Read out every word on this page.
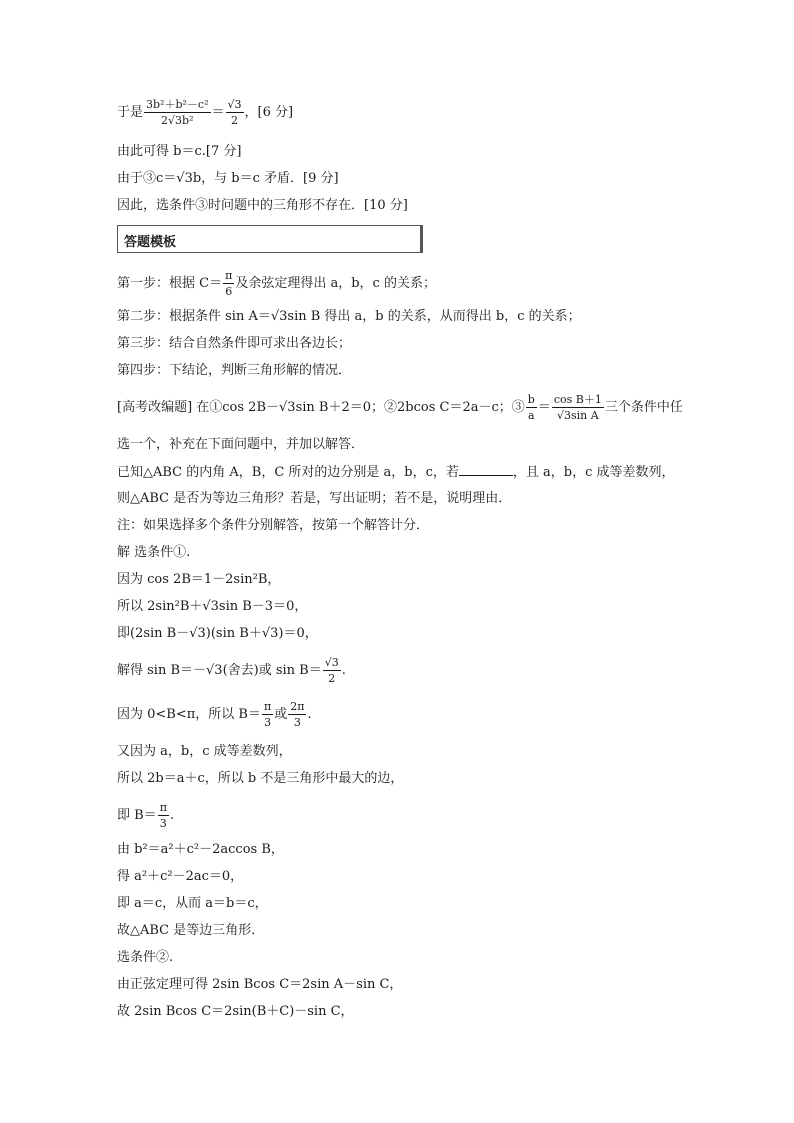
于是 $\frac{\text{3b²＋b²－c²}}{\text{2√3b²}} = \frac{√3}{2}$ ，[6 分]
由此可得 b＝c.[7 分]
由于③c＝√3b，与 b＝c 矛盾．[9 分]
因此，选条件③时问题中的三角形不存在．[10 分]
答题模板
第一步：根据 $C= \frac{\pi}{6}$ 及余弦定理得出 a，b，c 的关系；
第二步：根据条件 sin A＝√3sin B 得出 a，b 的关系，从而得出 b，c 的关系；
第三步：结合自然条件即可求出各边长；
第四步：下结论，判断三角形解的情况．
[高考改编题] 在①cos 2B－√3sin B＋2＝0；②2bcos C＝2a－c；③ $\frac{b}{a} = \frac{\text{cos B＋1}}{\text{√3sin A}}$ 三个条件中任
选一个，补充在下面问题中，并加以解答．
已知△ABC 的内角 A，B，C 所对的边分别是 a，b，c，若	，且 a，b，c 成等差数列，
则△ABC 是否为等边三角形？若是，写出证明；若不是，说明理由．
注：如果选择多个条件分别解答，按第一个解答计分．
解 选条件①.
因为 cos 2B＝1－2sin²B，
所以 2sin²B＋√3sin B－3＝0，
即(2sin B－√3)(sin B＋√3)＝0，
解得 sin B＝－√3(舍去)或 $\sin B= \frac{√3}{2}$ .
因为 0<B<π，所以 $B= \frac{\pi}{3}$ 或 $\frac{2\pi}{3}$ .
又因为 a，b，c 成等差数列，
所以 2b＝a＋c，所以 b 不是三角形中最大的边，
即 $B= \frac{\pi}{3}$ .
由 b²＝a²＋c²－2accos B，
得 a²＋c²－2ac＝0，
即 a＝c，从而 a＝b＝c，
故△ABC 是等边三角形．
选条件②.
由正弦定理可得 2sin Bcos C＝2sin A－sin C，
故 2sin Bcos C＝2sin(B＋C)－sin C，
